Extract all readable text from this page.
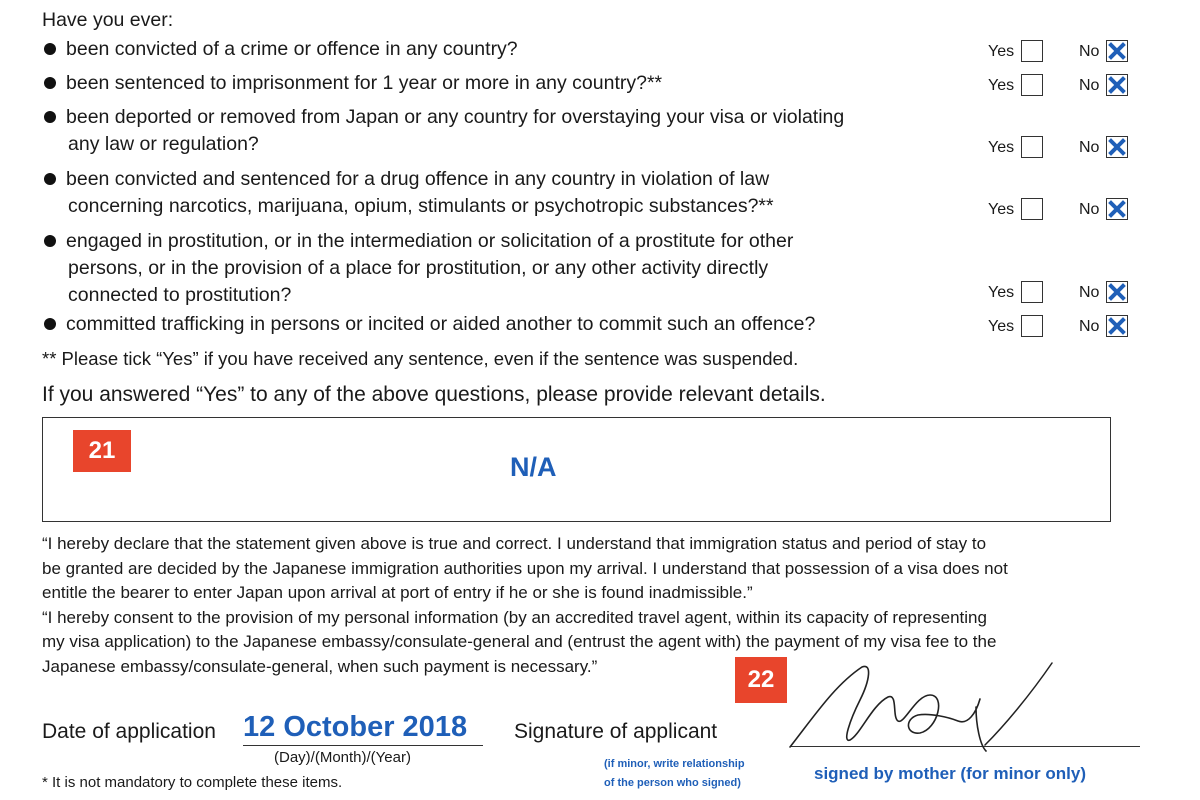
Have you ever:
been convicted of a crime or offence in any country?	Yes	No
been sentenced to imprisonment for 1 year or more in any country?**	Yes	No
been deported or removed from Japan or any country for overstaying your visa or violating
any law or regulation?	Yes	No
been convicted and sentenced for a drug offence in any country in violation of law
concerning narcotics, marijuana, opium, stimulants or psychotropic substances?**	Yes	No
engaged in prostitution, or in the intermediation or solicitation of a prostitute for other
persons, or in the provision of a place for prostitution, or any other activity directly
connected to prostitution?	Yes	No
committed trafficking in persons or incited or aided another to commit such an offence?	Yes	No
** Please tick “Yes” if you have received any sentence, even if the sentence was suspended.
If you answered “Yes” to any of the above questions, please provide relevant details.
21
N/A
“I hereby declare that the statement given above is true and correct. I understand that immigration status and period of stay to
be granted are decided by the Japanese immigration authorities upon my arrival. I understand that possession of a visa does not
entitle the bearer to enter Japan upon arrival at port of entry if he or she is found inadmissible.”
“I hereby consent to the provision of my personal information (by an accredited travel agent, within its capacity of representing
my visa application) to the Japanese embassy/consulate-general and (entrust the agent with) the payment of my visa fee to the
Japanese embassy/consulate-general, when such payment is necessary.”	22
Date of application 12 October 2018
(Day)/(Month)/(Year)
Signature of applicant
(if minor, write relationship
of the person who signed)	signed by mother (for minor only)
* It is not mandatory to complete these items.
